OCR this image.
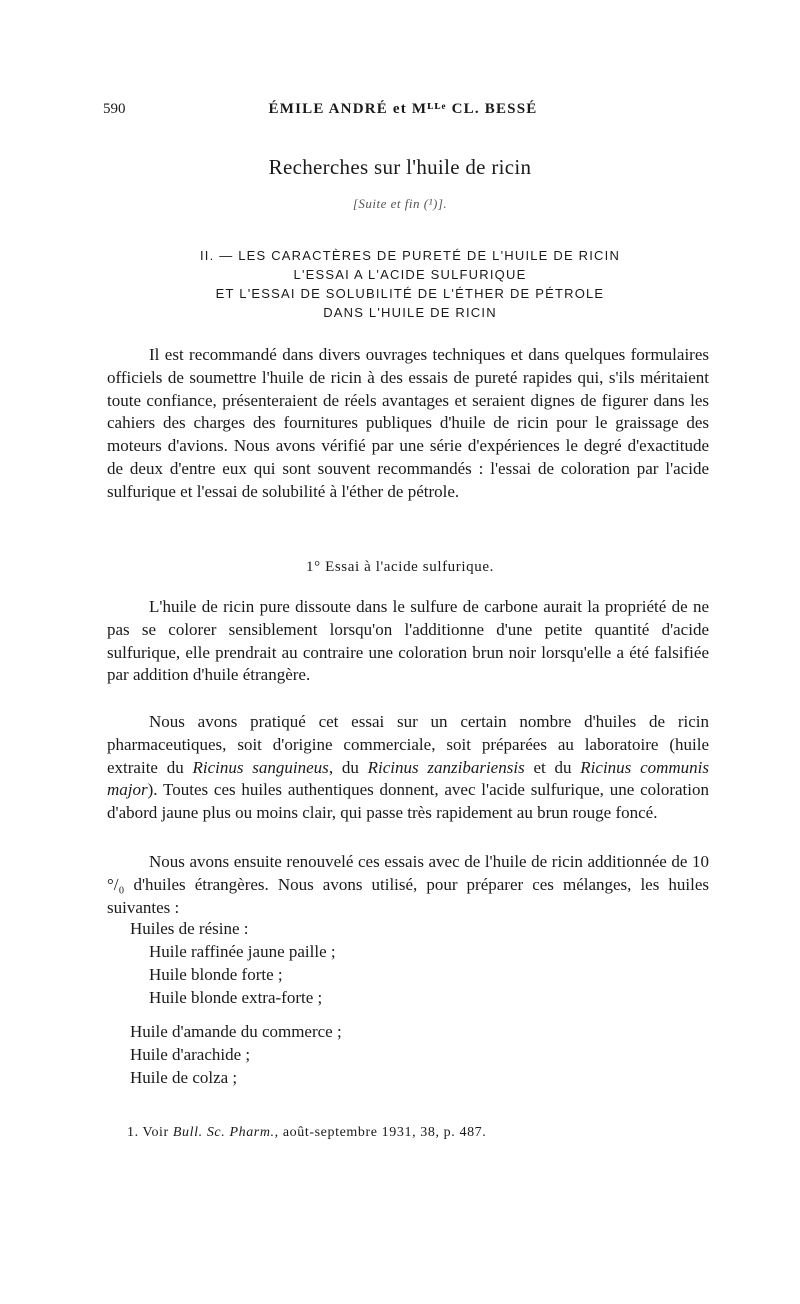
590	ÉMILE ANDRÉ et Mᴸᴸᵉ CL. BESSÉ
Recherches sur l'huile de ricin
[Suite et fin (¹)].
II. — LES CARACTÈRES DE PURETÉ DE L'HUILE DE RICIN
L'ESSAI A L'ACIDE SULFURIQUE
ET L'ESSAI DE SOLUBILITÉ DE L'ÉTHER DE PÉTROLE
DANS L'HUILE DE RICIN

Il est recommandé dans divers ouvrages techniques et dans quelques formulaires officiels de soumettre l'huile de ricin à des essais de pureté rapides qui, s'ils méritaient toute confiance, présenteraient de réels avantages et seraient dignes de figurer dans les cahiers des charges des fournitures publiques d'huile de ricin pour le graissage des moteurs d'avions. Nous avons vérifié par une série d'expériences le degré d'exactitude de deux d'entre eux qui sont souvent recommandés : l'essai de coloration par l'acide sulfurique et l'essai de solubilité à l'éther de pétrole.

1° Essai à l'acide sulfurique.

L'huile de ricin pure dissoute dans le sulfure de carbone aurait la propriété de ne pas se colorer sensiblement lorsqu'on l'additionne d'une petite quantité d'acide sulfurique, elle prendrait au contraire une coloration brun noir lorsqu'elle a été falsifiée par addition d'huile étrangère.

Nous avons pratiqué cet essai sur un certain nombre d'huiles de ricin pharmaceutiques, soit d'origine commerciale, soit préparées au laboratoire (huile extraite du Ricinus sanguineus, du Ricinus zanzibariensis et du Ricinus communis major). Toutes ces huiles authentiques donnent, avec l'acide sulfurique, une coloration d'abord jaune plus ou moins clair, qui passe très rapidement au brun rouge foncé.

Nous avons ensuite renouvelé ces essais avec de l'huile de ricin additionnée de 10 °/₀ d'huiles étrangères. Nous avons utilisé, pour préparer ces mélanges, les huiles suivantes :

Huiles de résine :
Huile raffinée jaune paille ;
Huile blonde forte ;
Huile blonde extra-forte ;
Huile d'amande du commerce ;
Huile d'arachide ;
Huile de colza ;
1. Voir Bull. Sc. Pharm., août-septembre 1931, 38, p. 487.
